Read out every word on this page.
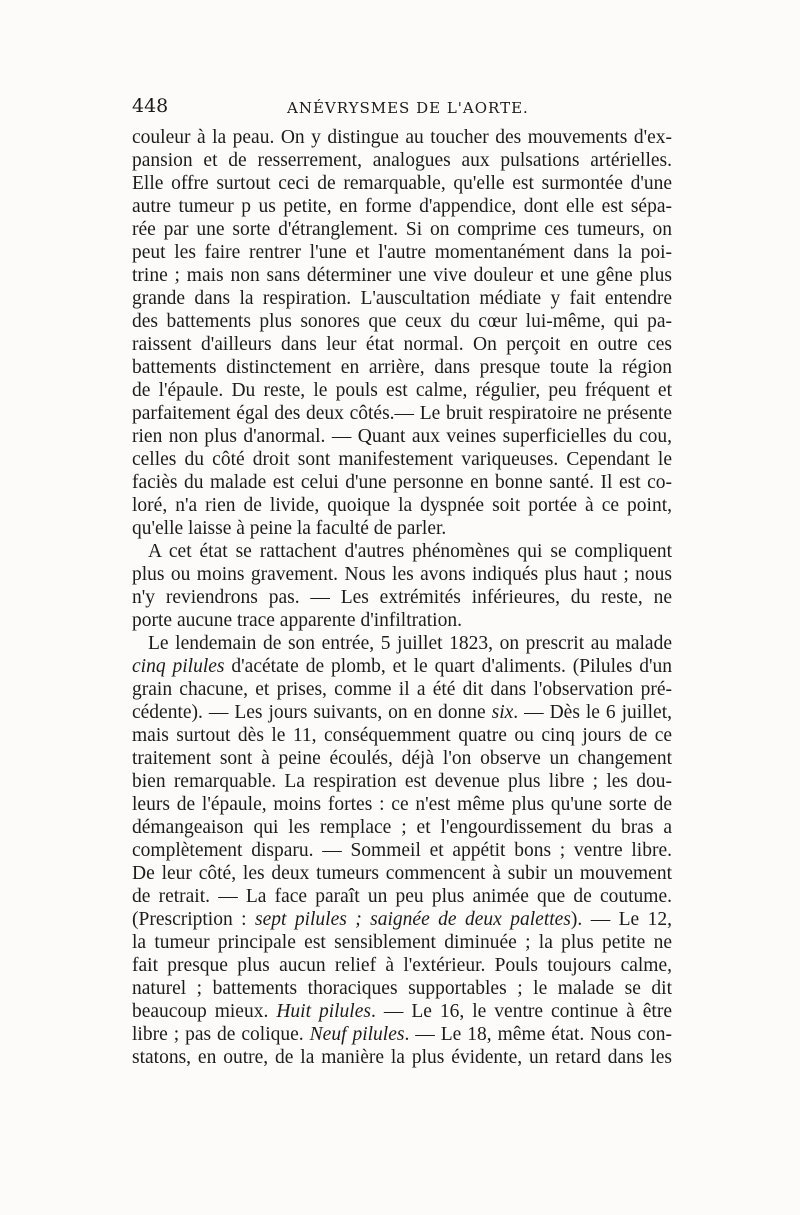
448	ANÉVRYSMES DE L'AORTE.
couleur à la peau. On y distingue au toucher des mouvements d'ex-
pansion et de resserrement, analogues aux pulsations artérielles.
Elle offre surtout ceci de remarquable, qu'elle est surmontée d'une
autre tumeur p us petite, en forme d'appendice, dont elle est sépa-
rée par une sorte d'étranglement. Si on comprime ces tumeurs, on
peut les faire rentrer l'une et l'autre momentanément dans la poi-
trine ; mais non sans déterminer une vive douleur et une gêne plus
grande dans la respiration. L'auscultation médiate y fait entendre
des battements plus sonores que ceux du cœur lui-même, qui pa-
raissent d'ailleurs dans leur état normal. On perçoit en outre ces
battements distinctement en arrière, dans presque toute la région
de l'épaule. Du reste, le pouls est calme, régulier, peu fréquent et
parfaitement égal des deux côtés.— Le bruit respiratoire ne présente
rien non plus d'anormal. — Quant aux veines superficielles du cou,
celles du côté droit sont manifestement variqueuses. Cependant le
faciès du malade est celui d'une personne en bonne santé. Il est co-
loré, n'a rien de livide, quoique la dyspnée soit portée à ce point,
qu'elle laisse à peine la faculté de parler.
A cet état se rattachent d'autres phénomènes qui se compliquent
plus ou moins gravement. Nous les avons indiqués plus haut ; nous
n'y reviendrons pas. — Les extrémités inférieures, du reste, ne
porte aucune trace apparente d'infiltration.
Le lendemain de son entrée, 5 juillet 1823, on prescrit au malade
cinq pilules d'acétate de plomb, et le quart d'aliments. (Pilules d'un
grain chacune, et prises, comme il a été dit dans l'observation pré-
cédente). — Les jours suivants, on en donne six. — Dès le 6 juillet,
mais surtout dès le 11, conséquemment quatre ou cinq jours de ce
traitement sont à peine écoulés, déjà l'on observe un changement
bien remarquable. La respiration est devenue plus libre ; les dou-
leurs de l'épaule, moins fortes : ce n'est même plus qu'une sorte de
démangeaison qui les remplace ; et l'engourdissement du bras a
complètement disparu. — Sommeil et appétit bons ; ventre libre.
De leur côté, les deux tumeurs commencent à subir un mouvement
de retrait. — La face paraît un peu plus animée que de coutume.
(Prescription : sept pilules ; saignée de deux palettes). — Le 12,
la tumeur principale est sensiblement diminuée ; la plus petite ne
fait presque plus aucun relief à l'extérieur. Pouls toujours calme,
naturel ; battements thoraciques supportables ; le malade se dit
beaucoup mieux. Huit pilules. — Le 16, le ventre continue à être
libre ; pas de colique. Neuf pilules. — Le 18, même état. Nous con-
statons, en outre, de la manière la plus évidente, un retard dans les
